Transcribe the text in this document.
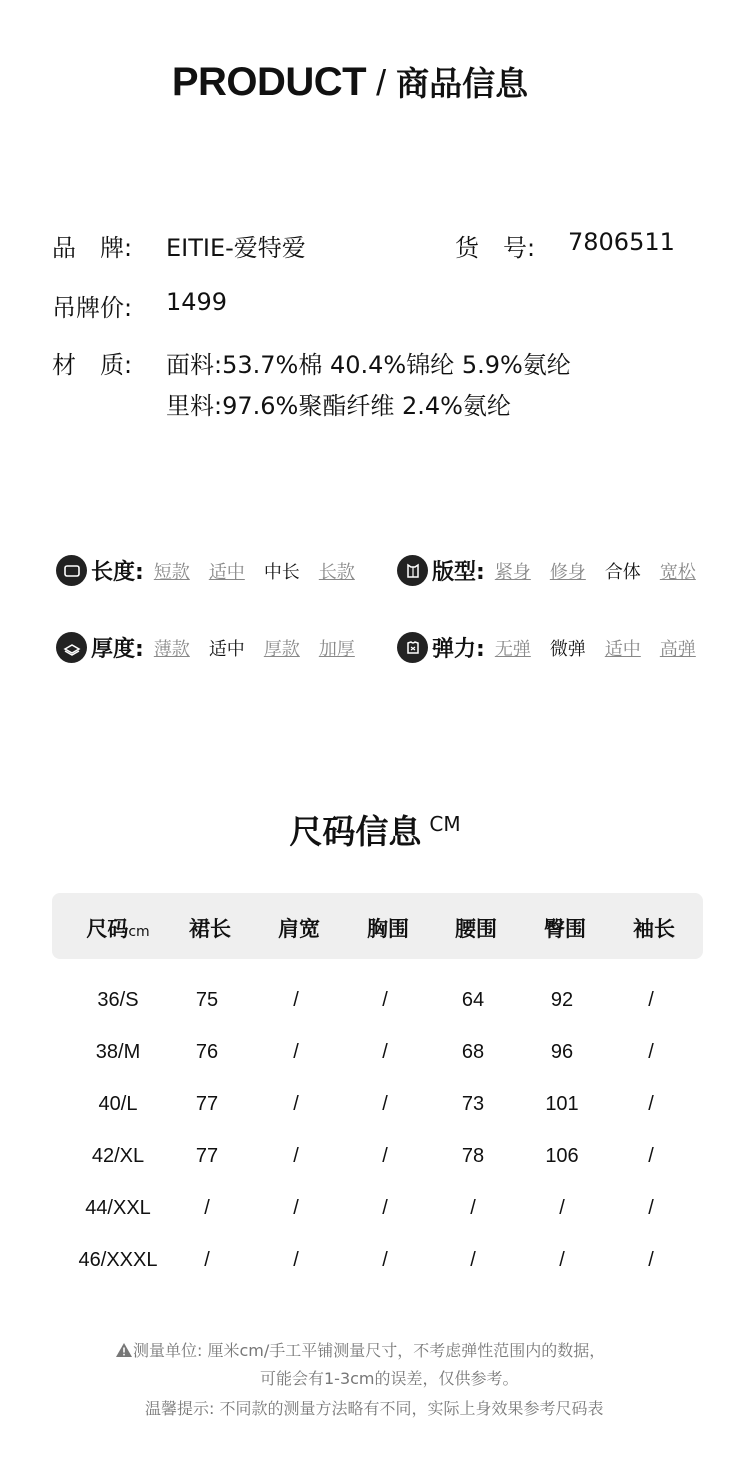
PRODUCT / 商品信息
品　牌:	EITIE-爱特爱	货　号: 7806511
吊牌价:	1499
材　质:	面料:53.7%棉 40.4%锦纶 5.9%氨纶
里料:97.6%聚酯纤维 2.4%氨纶
长度: 短款 适中 中长 长款	版型: 紧身 修身 合体 宽松
厚度: 薄款 适中 厚款 加厚	弹力: 无弹 微弹 适中 高弹
尺码信息 CM
尺码cm	裙长	肩宽	胸围	腰围	臀围	袖长
36/S	75	/	/	64	92	/
38/M	76	/	/	68	96	/
40/L	77	/	/	73	101	/
42/XL	77	/	/	78	106	/
44/XXL	/	/	/	/	/	/
46/XXXL	/	/	/	/	/	/
测量单位: 厘米cm/手工平铺测量尺寸，不考虑弹性范围内的数据，
可能会有1-3cm的误差，仅供参考。
温馨提示: 不同款的测量方法略有不同，实际上身效果参考尺码表
